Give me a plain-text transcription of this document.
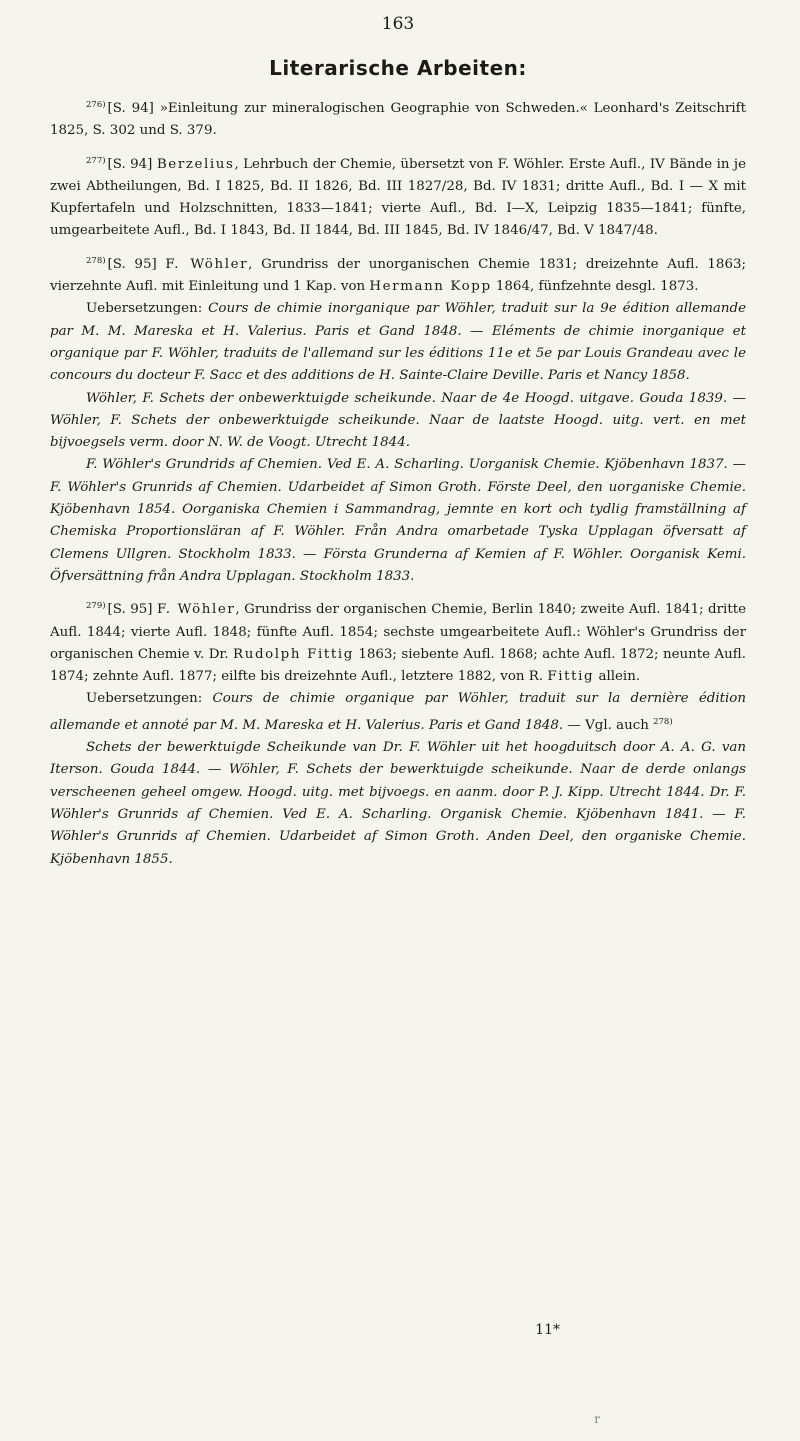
163
Literarische Arbeiten:

$^{276)}$ [S. 94] »Einleitung zur mineralogischen Geographie von Schweden.« Leonhard's Zeitschrift 1825, S. 302 und S. 379.

$^{277)}$ [S. 94] Berzelius, Lehrbuch der Chemie, übersetzt von F. Wöhler. Erste Aufl., IV Bände in je zwei Abtheilungen, Bd. I 1825, Bd. II 1826, Bd. III 1827/28, Bd. IV 1831; dritte Aufl., Bd. I — X mit Kupfertafeln und Holzschnitten, 1833—1841; vierte Aufl., Bd. I—X, Leipzig 1835—1841; fünfte, umgearbeitete Aufl., Bd. I 1843, Bd. II 1844, Bd. III 1845, Bd. IV 1846/47, Bd. V 1847/48.

$^{278)}$ [S. 95] F. Wöhler, Grundriss der unorganischen Chemie 1831; dreizehnte Aufl. 1863; vierzehnte Aufl. mit Einleitung und 1 Kap. von Hermann Kopp 1864, fünfzehnte desgl. 1873.

Uebersetzungen: Cours de chimie inorganique par Wöhler, traduit sur la 9e édition allemande par M. M. Mareska et H. Valerius. Paris et Gand 1848. — Eléments de chimie inorganique et organique par F. Wöhler, traduits de l'allemand sur les éditions 11e et 5e par Louis Grandeau avec le concours du docteur F. Sacc et des additions de H. Sainte-Claire Deville. Paris et Nancy 1858.

Wöhler, F. Schets der onbewerktuigde scheikunde. Naar de 4e Hoogd. uitgave. Gouda 1839. — Wöhler, F. Schets der onbewerktuigde scheikunde. Naar de laatste Hoogd. uitg. vert. en met bijvoegsels verm. door N. W. de Voogt. Utrecht 1844.

F. Wöhler's Grundrids af Chemien. Ved E. A. Scharling. Uorganisk Chemie. Kjöbenhavn 1837. — F. Wöhler's Grunrids af Chemien. Udarbeidet af Simon Groth. Förste Deel, den uorganiske Chemie. Kjöbenhavn 1854. Oorganiska Chemien i Sammandrag, jemnte en kort och tydlig framställning af Chemiska Proportionsläran af F. Wöhler. Från Andra omarbetade Tyska Upplagan öfversatt af Clemens Ullgren. Stockholm 1833. — Första Grunderna af Kemien af F. Wöhler. Oorganisk Kemi. Öfversättning från Andra Upplagan. Stockholm 1833.

$^{279)}$ [S. 95] F. Wöhler, Grundriss der organischen Chemie, Berlin 1840; zweite Aufl. 1841; dritte Aufl. 1844; vierte Aufl. 1848; fünfte Aufl. 1854; sechste umgearbeitete Aufl.: Wöhler's Grundriss der organischen Chemie v. Dr. Rudolph Fittig 1863; siebente Aufl. 1868; achte Aufl. 1872; neunte Aufl. 1874; zehnte Aufl. 1877; eilfte bis dreizehnte Aufl., letztere 1882, von R. Fittig allein.

Uebersetzungen: Cours de chimie organique par Wöhler, traduit sur la dernière édition allemande et annoté par M. M. Mareska et H. Valerius. Paris et Gand 1848. — Vgl. auch $^{278)}$

Schets der bewerktuigde Scheikunde van Dr. F. Wöhler uit het hoogduitsch door A. A. G. van Iterson. Gouda 1844. — Wöhler, F. Schets der bewerktuigde scheikunde. Naar de derde onlangs verscheenen geheel omgew. Hoogd. uitg. met bijvoegs. en aanm. door P. J. Kipp. Utrecht 1844. Dr. F. Wöhler's Grunrids af Chemien. Ved E. A. Scharling. Organisk Chemie. Kjöbenhavn 1841. — F. Wöhler's Grunrids af Chemien. Udarbeidet af Simon Groth. Anden Deel, den organiske Chemie. Kjöbenhavn 1855.

11*
r
